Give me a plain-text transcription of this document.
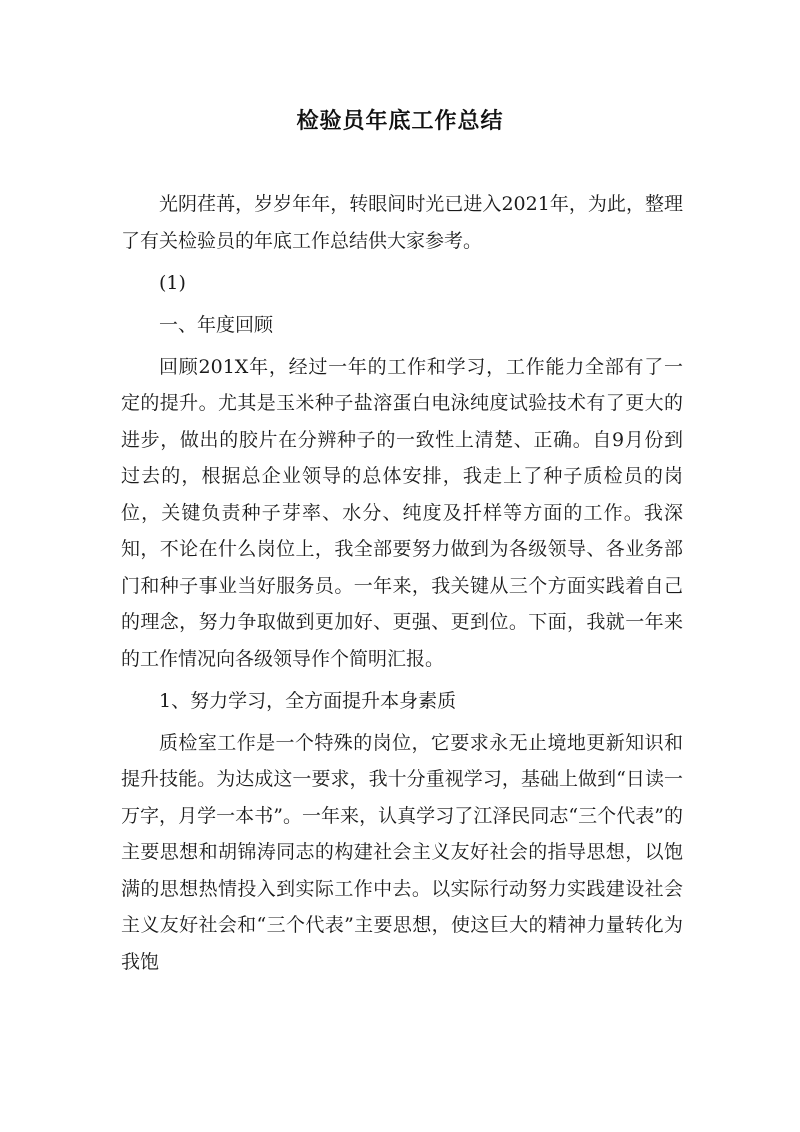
检验员年底工作总结

光阴荏苒，岁岁年年，转眼间时光已进入2021年，为此，整理了有关检验员的年底工作总结供大家参考。

(1)

一、年度回顾

回顾201X年，经过一年的工作和学习，工作能力全部有了一定的提升。尤其是玉米种子盐溶蛋白电泳纯度试验技术有了更大的进步，做出的胶片在分辨种子的一致性上清楚、正确。自9月份到过去的，根据总企业领导的总体安排，我走上了种子质检员的岗位，关键负责种子芽率、水分、纯度及扦样等方面的工作。我深知，不论在什么岗位上，我全部要努力做到为各级领导、各业务部门和种子事业当好服务员。一年来，我关键从三个方面实践着自己的理念，努力争取做到更加好、更强、更到位。下面，我就一年来的工作情况向各级领导作个简明汇报。

1、努力学习，全方面提升本身素质

质检室工作是一个特殊的岗位，它要求永无止境地更新知识和提升技能。为达成这一要求，我十分重视学习，基础上做到“日读一万字，月学一本书”。一年来，认真学习了江泽民同志“三个代表”的主要思想和胡锦涛同志的构建社会主义友好社会的指导思想，以饱满的思想热情投入到实际工作中去。以实际行动努力实践建设社会主义友好社会和“三个代表”主要思想，使这巨大的精神力量转化为我饱
